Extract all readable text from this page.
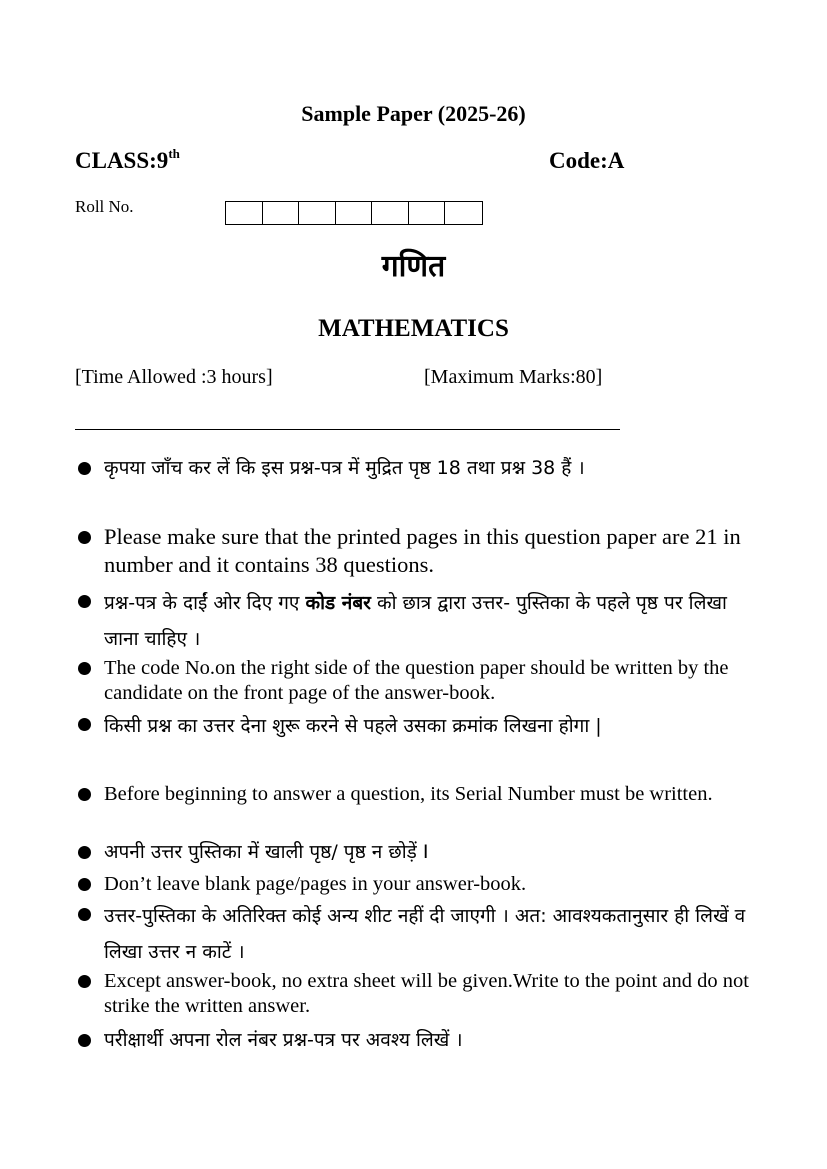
Sample Paper (2025-26)
CLASS:9th	Code:A
Roll No.
गणित
MATHEMATICS
[Time Allowed :3 hours]	[Maximum Marks:80]
कृपया जाँच कर लें कि इस प्रश्न-पत्र में मुद्रित पृष्ठ 18 तथा प्रश्न 38 हैं ।
Please make sure that the printed pages in this question paper are 21 in number and it contains 38 questions.
प्रश्न-पत्र के दाईं ओर दिए गए कोड नंबर को छात्र द्वारा उत्तर- पुस्तिका के पहले पृष्ठ पर लिखा जाना चाहिए ।
The code No.on the right side of the question paper should be written by the candidate on the front page of the answer-book.
किसी प्रश्न का उत्तर देना शुरू करने से पहले उसका क्रमांक लिखना होगा |
Before beginning to answer a question, its Serial Number must be written.
अपनी उत्तर पुस्तिका में खाली पृष्ठ/ पृष्ठ न छोड़ें I
Don’t leave blank page/pages in your answer-book.
उत्तर-पुस्तिका के अतिरिक्त कोई अन्य शीट नहीं दी जाएगी । अत: आवश्यकतानुसार ही लिखें व लिखा उत्तर न काटें ।
Except answer-book, no extra sheet will be given.Write to the point and do not strike the written answer.
परीक्षार्थी अपना रोल नंबर प्रश्न-पत्र पर अवश्य लिखें ।
